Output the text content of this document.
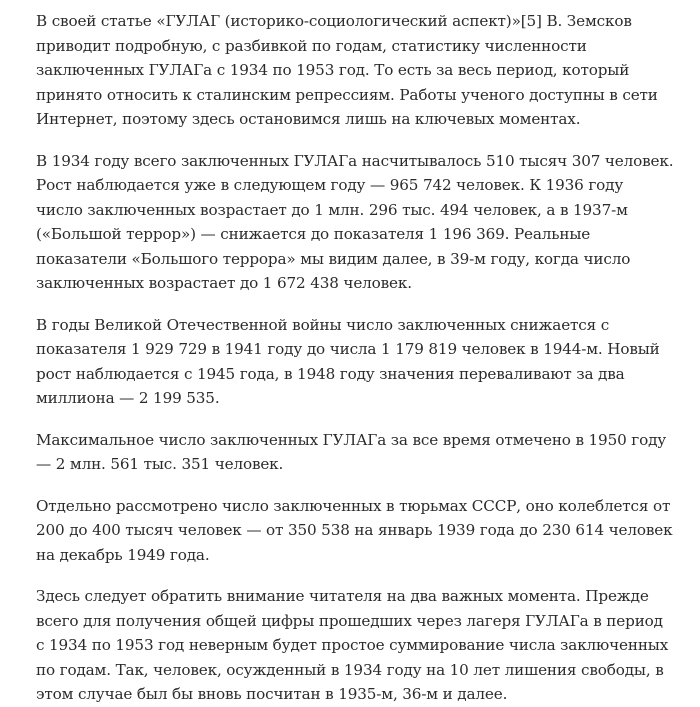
В своей статье «ГУЛАГ (историко-социологический аспект)»[5] В. Земсков приводит подробную, с разбивкой по годам, статистику численности заключенных ГУЛАГа с 1934 по 1953 год. То есть за весь период, который принято относить к сталинским репрессиям. Работы ученого доступны в сети Интернет, поэтому здесь остановимся лишь на ключевых моментах.

В 1934 году всего заключенных ГУЛАГа насчитывалось 510 тысяч 307 человек. Рост наблюдается уже в следующем году — 965 742 человек. К 1936 году число заключенных возрастает до 1 млн. 296 тыс. 494 человек, а в 1937-м («Большой террор») — снижается до показателя 1 196 369. Реальные показатели «Большого террора» мы видим далее, в 39-м году, когда число заключенных возрастает до 1 672 438 человек.

В годы Великой Отечественной войны число заключенных снижается с показателя 1 929 729 в 1941 году до числа 1 179 819 человек в 1944-м. Новый рост наблюдается с 1945 года, в 1948 году значения переваливают за два миллиона — 2 199 535.

Максимальное число заключенных ГУЛАГа за все время отмечено в 1950 году — 2 млн. 561 тыс. 351 человек.

Отдельно рассмотрено число заключенных в тюрьмах СССР, оно колеблется от 200 до 400 тысяч человек — от 350 538 на январь 1939 года до 230 614 человек на декабрь 1949 года.

Здесь следует обратить внимание читателя на два важных момента. Прежде всего для получения общей цифры прошедших через лагеря ГУЛАГа в период с 1934 по 1953 год неверным будет простое суммирование числа заключенных по годам. Так, человек, осужденный в 1934 году на 10 лет лишения свободы, в этом случае был бы вновь посчитан в 1935-м, 36-м и далее.
